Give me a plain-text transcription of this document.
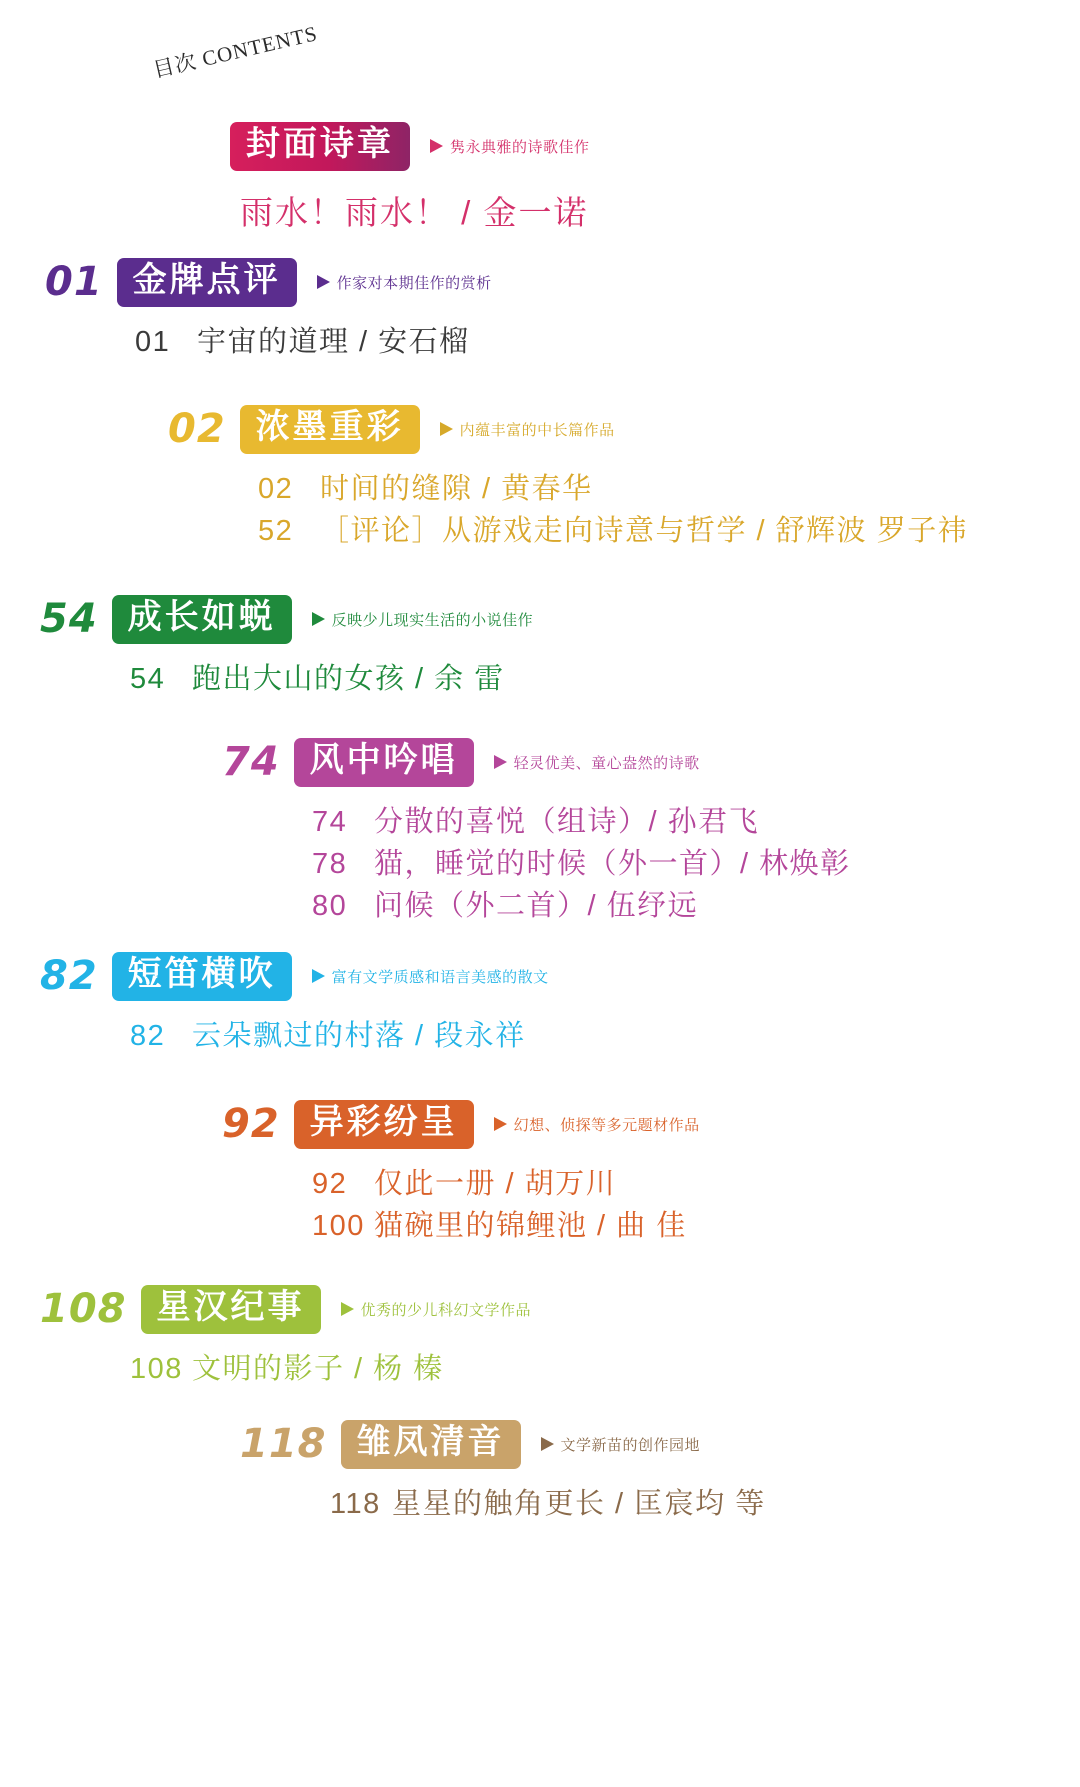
目次 CONTENTS
封面诗章	隽永典雅的诗歌佳作
雨水！雨水！ / 金一诺
01 金牌点评	作家对本期佳作的赏析
01 宇宙的道理 / 安石榴
02 浓墨重彩	内蕴丰富的中长篇作品
02 时间的缝隙 / 黄春华
52 ［评论］从游戏走向诗意与哲学 / 舒辉波 罗子祎
54 成长如蜕	反映少儿现实生活的小说佳作
54 跑出大山的女孩 / 余 雷
74 风中吟唱	轻灵优美、童心盎然的诗歌
74 分散的喜悦（组诗）/ 孙君飞
78 猫，睡觉的时候（外一首）/ 林焕彰
80 问候（外二首）/ 伍纾远
82 短笛横吹	富有文学质感和语言美感的散文
82 云朵飘过的村落 / 段永祥
92 异彩纷呈	幻想、侦探等多元题材作品
92 仅此一册 / 胡万川
100 猫碗里的锦鲤池 / 曲 佳
108 星汉纪事	优秀的少儿科幻文学作品
108 文明的影子 / 杨 榛
118 雏凤清音	文学新苗的创作园地
118 星星的触角更长 / 匡宸均 等
